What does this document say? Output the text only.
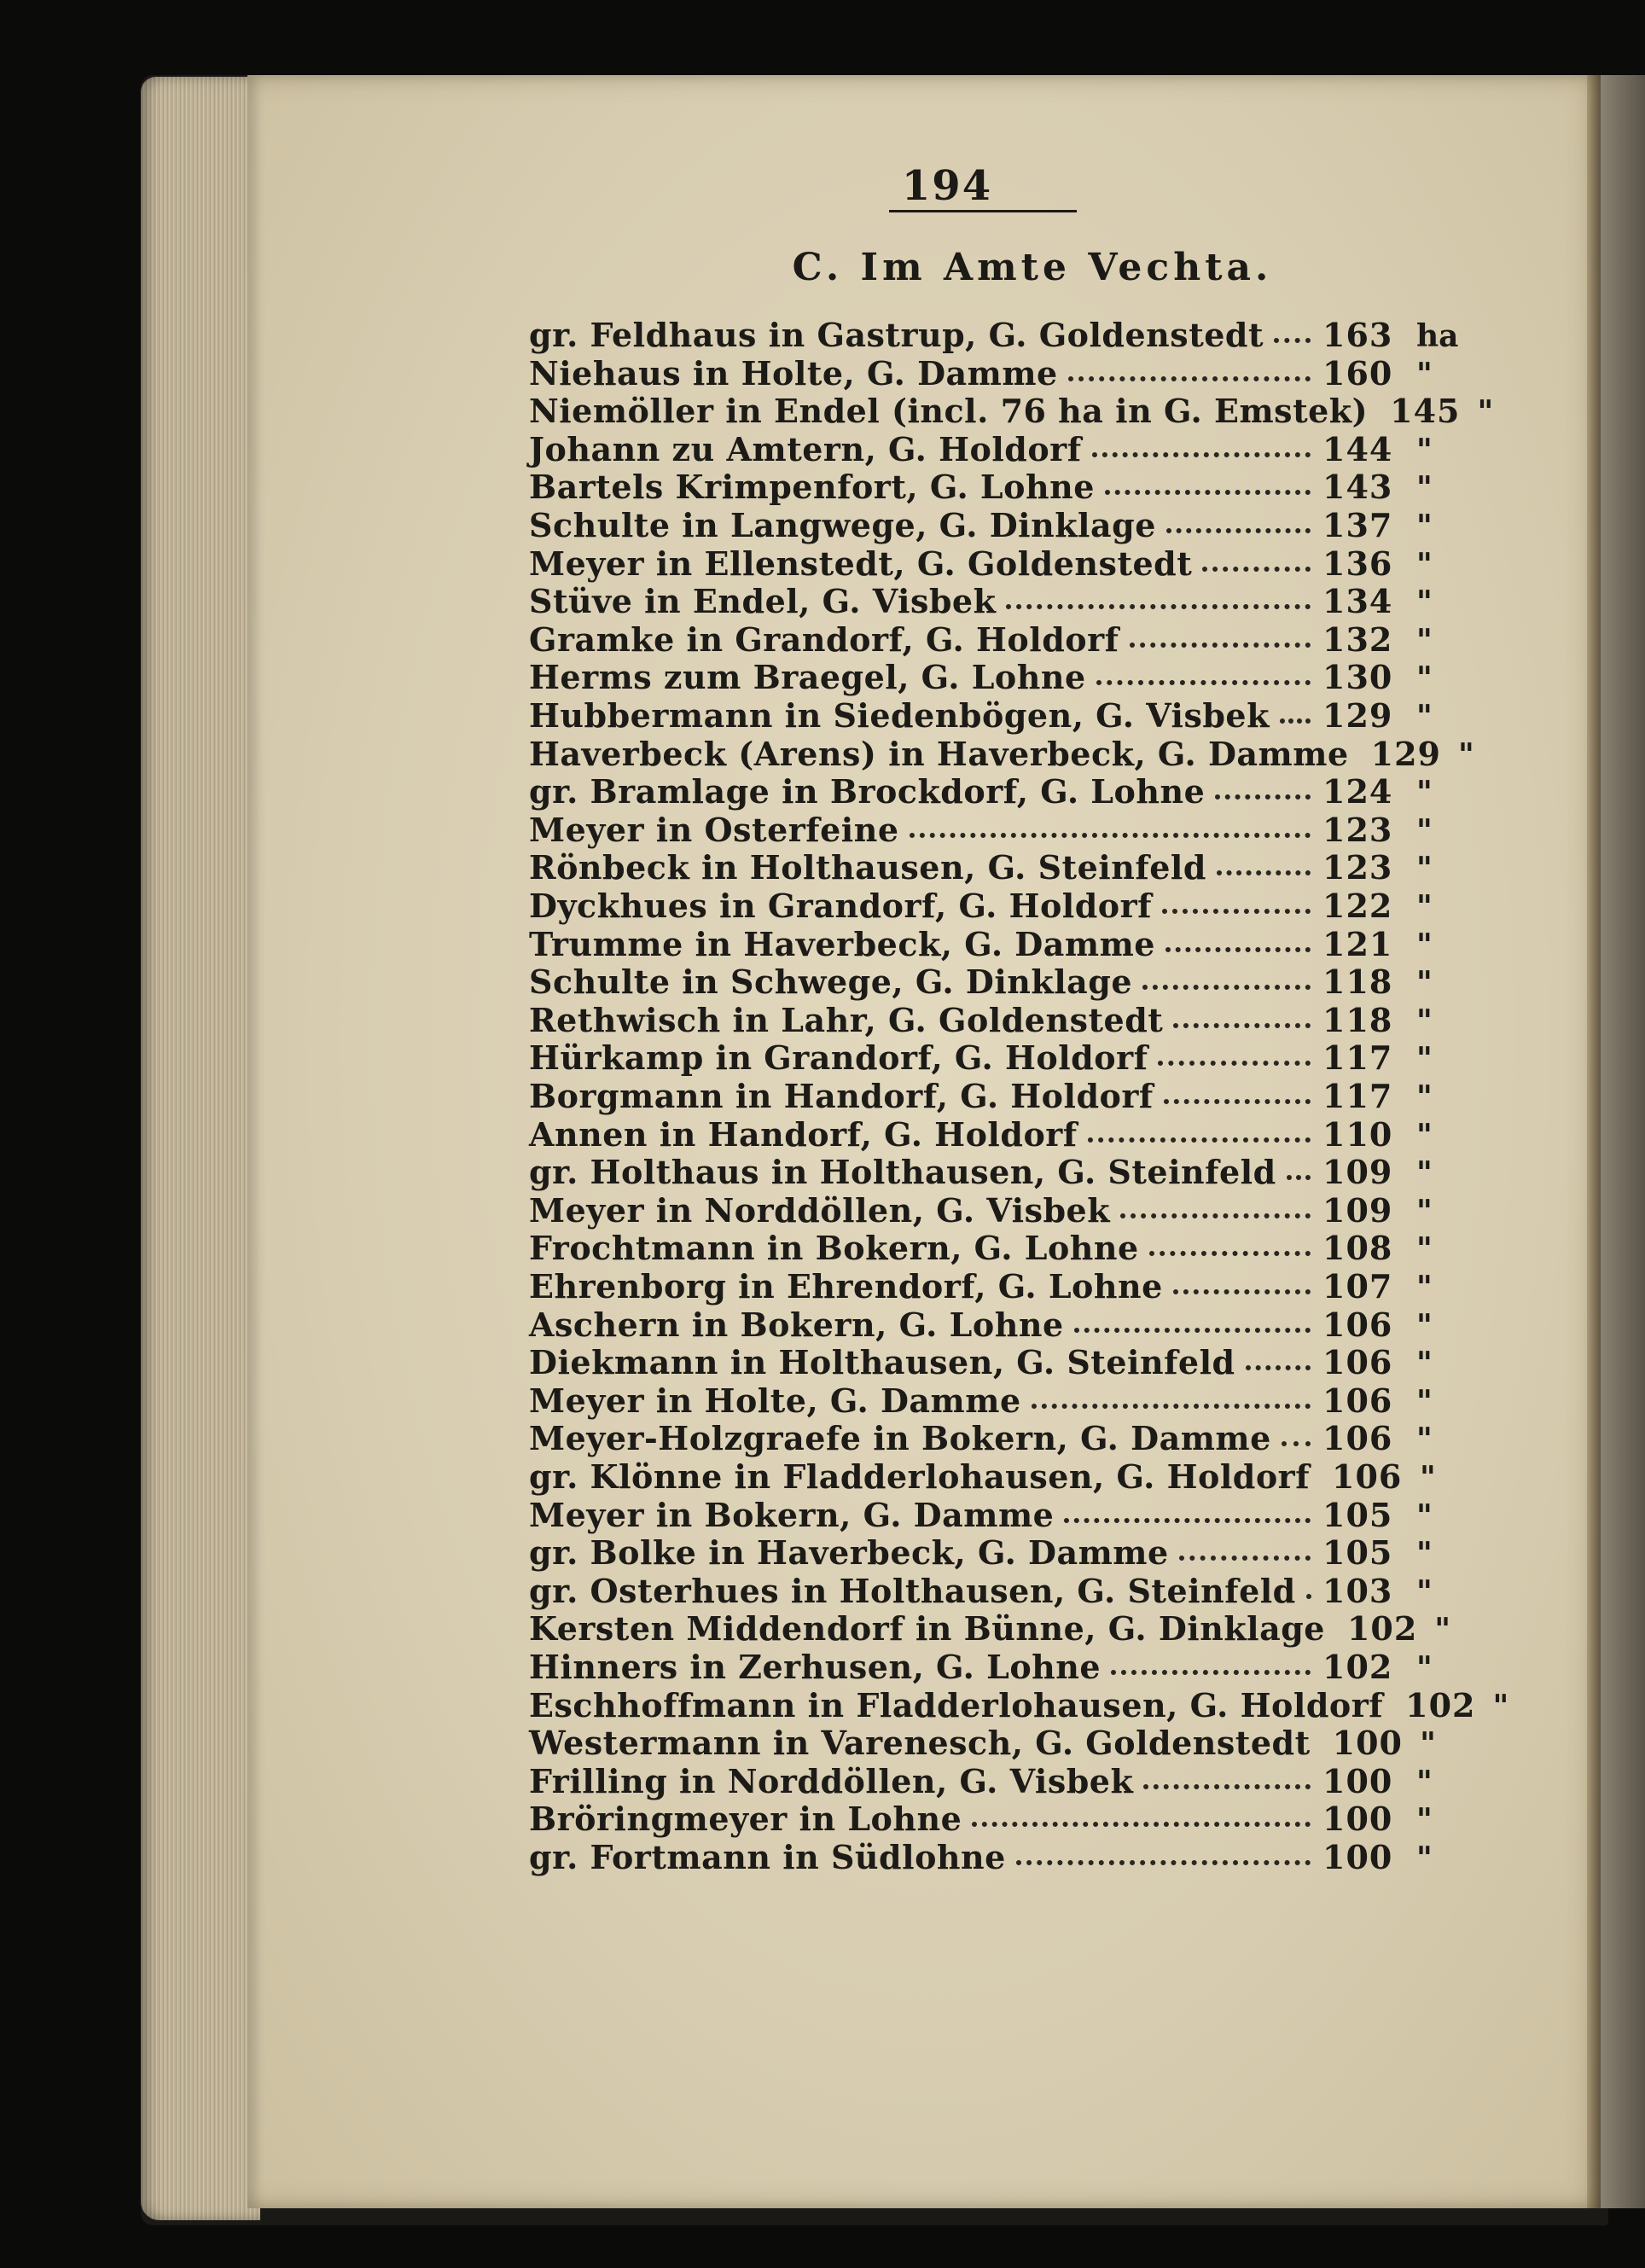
194
C. Im Amte Vechta.
gr. Feldhaus in Gastrup, G. Goldenstedt 163 ha
Niehaus in Holte, G. Damme	160 "
Niemöller in Endel (incl. 76 ha in G. Emstek) 145 "
Johann zu Amtern, G. Holdorf	144 "
Bartels Krimpenfort, G. Lohne	143 "
Schulte in Langwege, G. Dinklage	137 "
Meyer in Ellenstedt, G. Goldenstedt	136 "
Stüve in Endel, G. Visbek	134 "
Gramke in Grandorf, G. Holdorf	132 "
Herms zum Braegel, G. Lohne	130 "
Hubbermann in Siedenbögen, G. Visbek 129 "
Haverbeck (Arens) in Haverbeck, G. Damme 129 "
gr. Bramlage in Brockdorf, G. Lohne	124 "
Meyer in Osterfeine	123 "
Rönbeck in Holthausen, G. Steinfeld	123 "
Dyckhues in Grandorf, G. Holdorf	122 "
Trumme in Haverbeck, G. Damme	121 "
Schulte in Schwege, G. Dinklage	118 "
Rethwisch in Lahr, G. Goldenstedt	118 "
Hürkamp in Grandorf, G. Holdorf	117 "
Borgmann in Handorf, G. Holdorf	117 "
Annen in Handorf, G. Holdorf	110 "
gr. Holthaus in Holthausen, G. Steinfeld 109 "
Meyer in Norddöllen, G. Visbek	109 "
Frochtmann in Bokern, G. Lohne	108 "
Ehrenborg in Ehrendorf, G. Lohne	107 "
Aschern in Bokern, G. Lohne	106 "
Diekmann in Holthausen, G. Steinfeld	106 "
Meyer in Holte, G. Damme	106 "
Meyer-Holzgraefe in Bokern, G. Damme 106 "
gr. Klönne in Fladderlohausen, G. Holdorf 106 "
Meyer in Bokern, G. Damme	105 "
gr. Bolke in Haverbeck, G. Damme	105 "
gr. Osterhues in Holthausen, G. Steinfeld 103 "
Kersten Middendorf in Bünne, G. Dinklage 102 "
Hinners in Zerhusen, G. Lohne	102 "
Eschhoffmann in Fladderlohausen, G. Holdorf 102 "
Westermann in Varenesch, G. Goldenstedt 100 "
Frilling in Norddöllen, G. Visbek	100 "
Bröringmeyer in Lohne	100 "
gr. Fortmann in Südlohne	100 "
